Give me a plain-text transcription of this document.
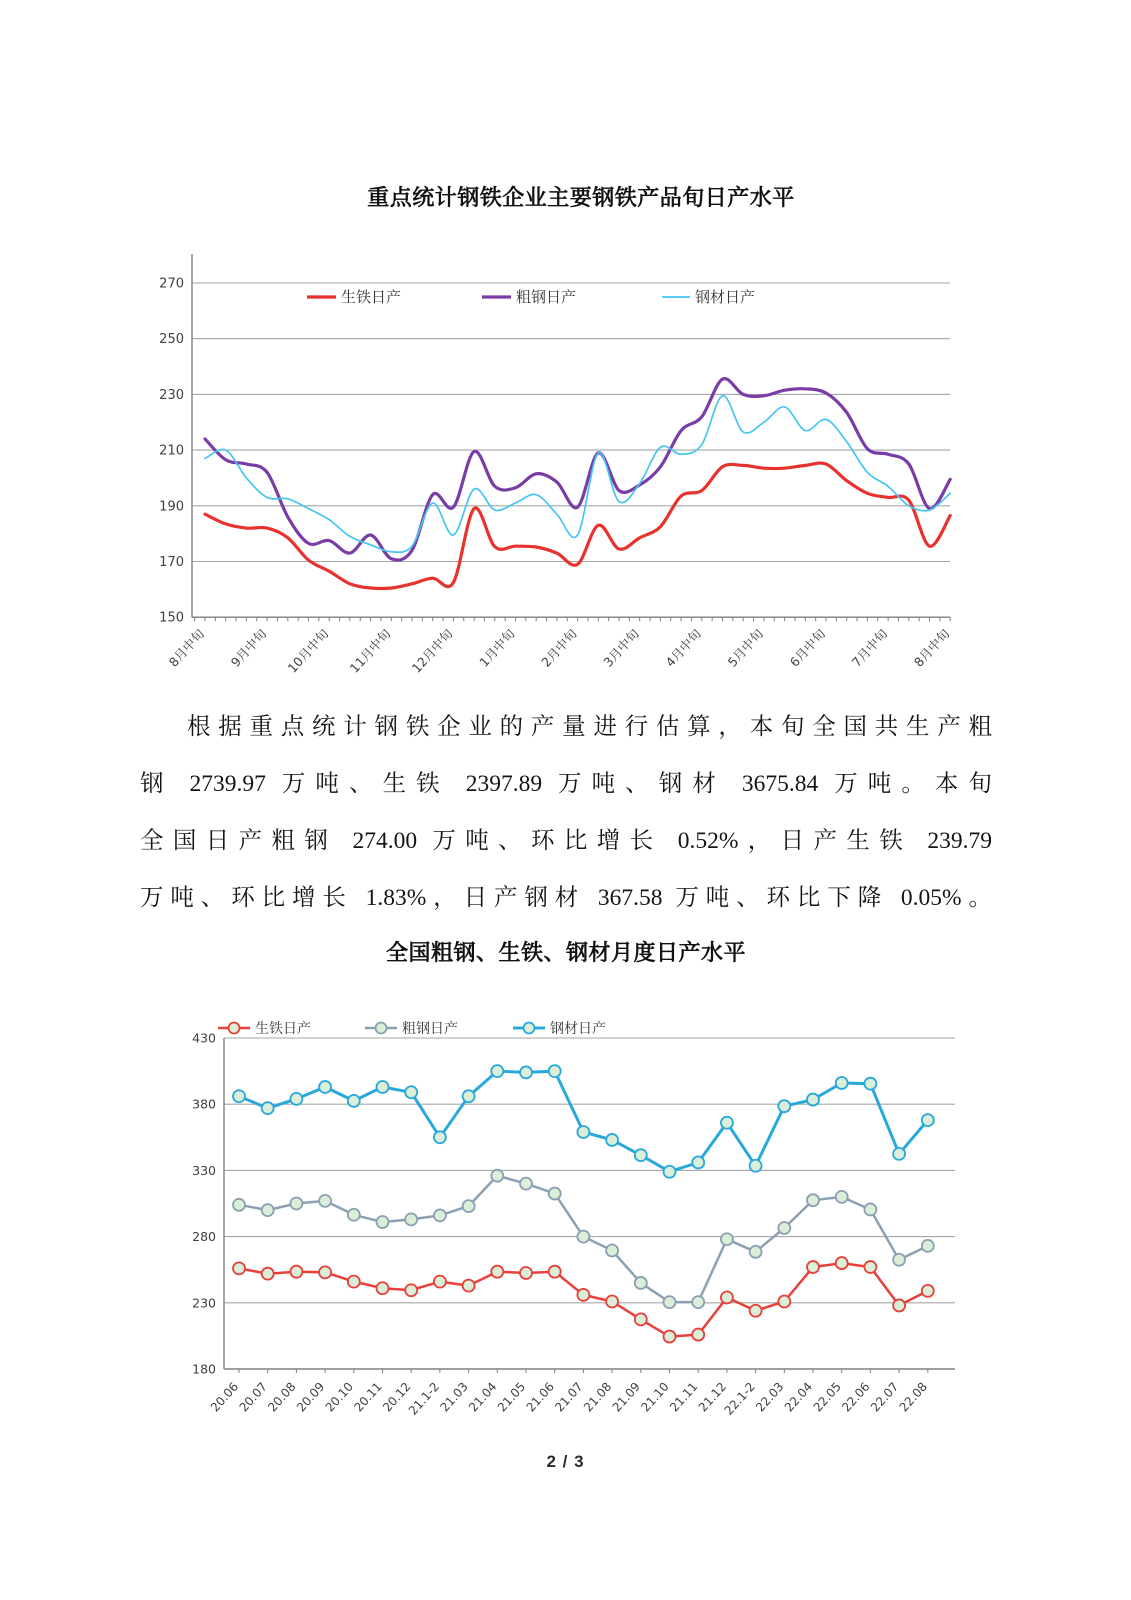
重点统计钢铁企业主要钢铁产品旬日产水平
270
250
230
210
190
170
150
8月中旬 9月中旬 10月中旬 11月中旬 12月中旬 1月中旬 2月中旬 3月中旬 4月中旬 5月中旬 6月中旬 7月中旬 8月中旬
生铁日产	粗钢日产	钢材日产
根据重点统计钢铁企业的产量进行估算，本旬全国共生产粗
钢 2739.97 万吨、生铁 2397.89 万吨、钢材 3675.84 万吨。本旬
全国日产粗钢 274.00 万吨、环比增长 0.52%，日产生铁 239.79
万吨、环比增长 1.83%，日产钢材 367.58 万吨、环比下降 0.05%。
全国粗钢、生铁、钢材月度日产水平
430
380
330
280
230
180
20.06
20.07
20.08
20.09
20.10
20.11
20.12
21.1-2
21.03
21.04
21.05
21.06
21.07
21.08
21.09
21.10
21.11
21.12
22.1-2
22.03
22.04
22.05
22.06
22.07
22.08
生铁日产	粗钢日产	钢材日产
2 / 3
